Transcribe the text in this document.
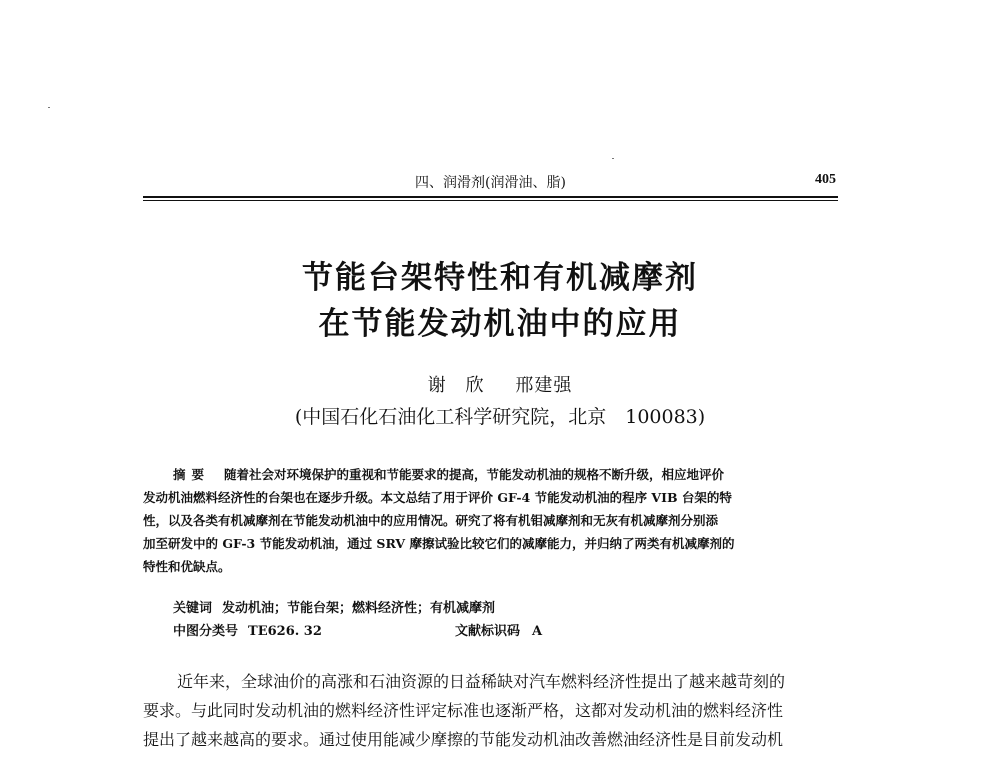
四、润滑剂(润滑油、脂)	405
节能台架特性和有机减摩剂
在节能发动机油中的应用
谢　欣 邢建强
(中国石化石油化工科学研究院，北京　100083)
摘要 随着社会对环境保护的重视和节能要求的提高，节能发动机油的规格不断升级，相应地评价
发动机油燃料经济性的台架也在逐步升级。本文总结了用于评价 GF-4 节能发动机油的程序 VIB 台架的特
性，以及各类有机减摩剂在节能发动机油中的应用情况。研究了将有机钼减摩剂和无灰有机减摩剂分别添
加至研发中的 GF-3 节能发动机油，通过 SRV 摩擦试验比较它们的减摩能力，并归纳了两类有机减摩剂的
特性和优缺点。
关键词 发动机油；节能台架；燃料经济性；有机减摩剂
中图分类号 TE626. 32	文献标识码 A
近年来，全球油价的高涨和石油资源的日益稀缺对汽车燃料经济性提出了越来越苛刻的
要求。与此同时发动机油的燃料经济性评定标准也逐渐严格，这都对发动机油的燃料经济性
提出了越来越高的要求。通过使用能减少摩擦的节能发动机油改善燃油经济性是目前发动机
